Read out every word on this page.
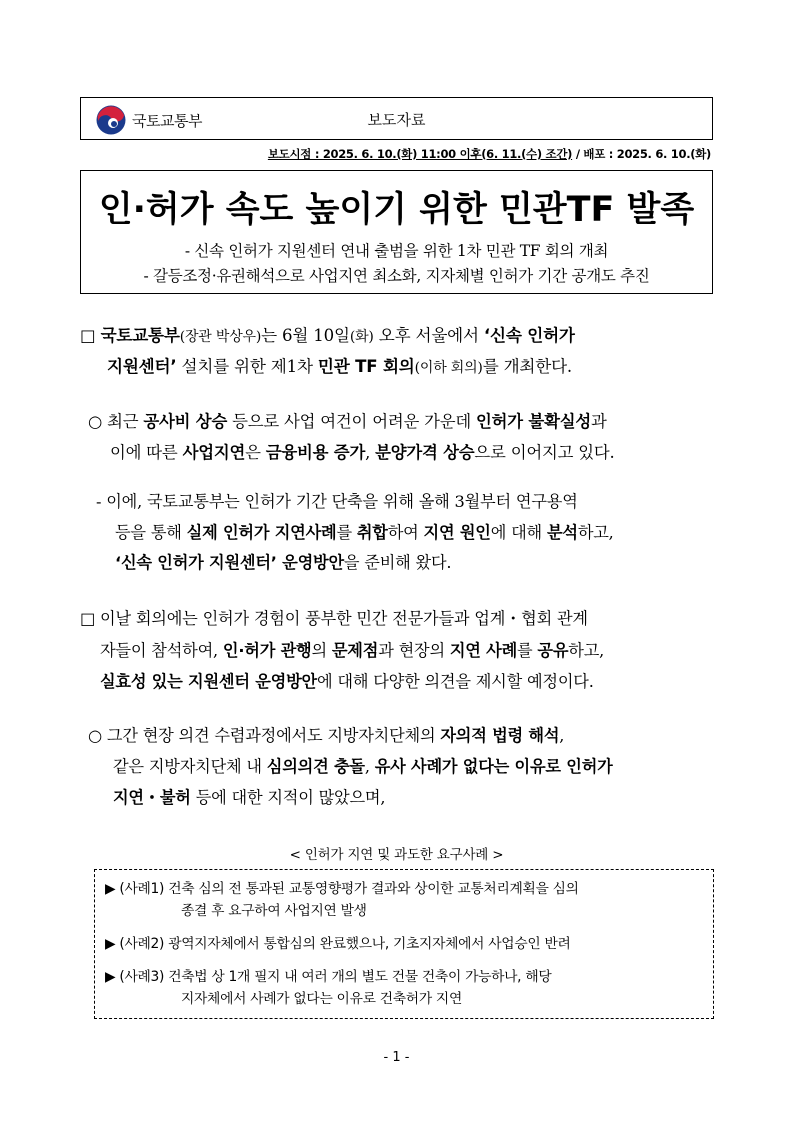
국토교통부	보도자료
보도시점 : 2025. 6. 10.(화) 11:00 이후(6. 11.(수) 조간) / 배포 : 2025. 6. 10.(화)
인·허가 속도 높이기 위한 민관TF 발족
- 신속 인허가 지원센터 연내 출범을 위한 1차 민관 TF 회의 개최
- 갈등조정·유권해석으로 사업지연 최소화, 지자체별 인허가 기간 공개도 추진
□ 국토교통부(장관 박상우)는 6월 10일(화) 오후 서울에서 ‘신속 인허가
지원센터’ 설치를 위한 제1차 민관 TF 회의(이하 회의)를 개최한다.
○ 최근 공사비 상승 등으로 사업 여건이 어려운 가운데 인허가 불확실성과
이에 따른 사업지연은 금융비용 증가, 분양가격 상승으로 이어지고 있다.
- 이에, 국토교통부는 인허가 기간 단축을 위해 올해 3월부터 연구용역
등을 통해 실제 인허가 지연사례를 취합하여 지연 원인에 대해 분석하고,
‘신속 인허가 지원센터’ 운영방안을 준비해 왔다.
□ 이날 회의에는 인허가 경험이 풍부한 민간 전문가들과 업계・협회 관계
자들이 참석하여, 인·허가 관행의 문제점과 현장의 지연 사례를 공유하고,
실효성 있는 지원센터 운영방안에 대해 다양한 의견을 제시할 예정이다.
○ 그간 현장 의견 수렴과정에서도 지방자치단체의 자의적 법령 해석,
같은 지방자치단체 내 심의의견 충돌, 유사 사례가 없다는 이유로 인허가
지연・불허 등에 대한 지적이 많았으며,
< 인허가 지연 및 과도한 요구사례 >
▶ (사례1) 건축 심의 전 통과된 교통영향평가 결과와 상이한 교통처리계획을 심의
종결 후 요구하여 사업지연 발생
▶ (사례2) 광역지자체에서 통합심의 완료했으나, 기초지자체에서 사업승인 반려
▶ (사례3) 건축법 상 1개 필지 내 여러 개의 별도 건물 건축이 가능하나, 해당
지자체에서 사례가 없다는 이유로 건축허가 지연
- 1 -
